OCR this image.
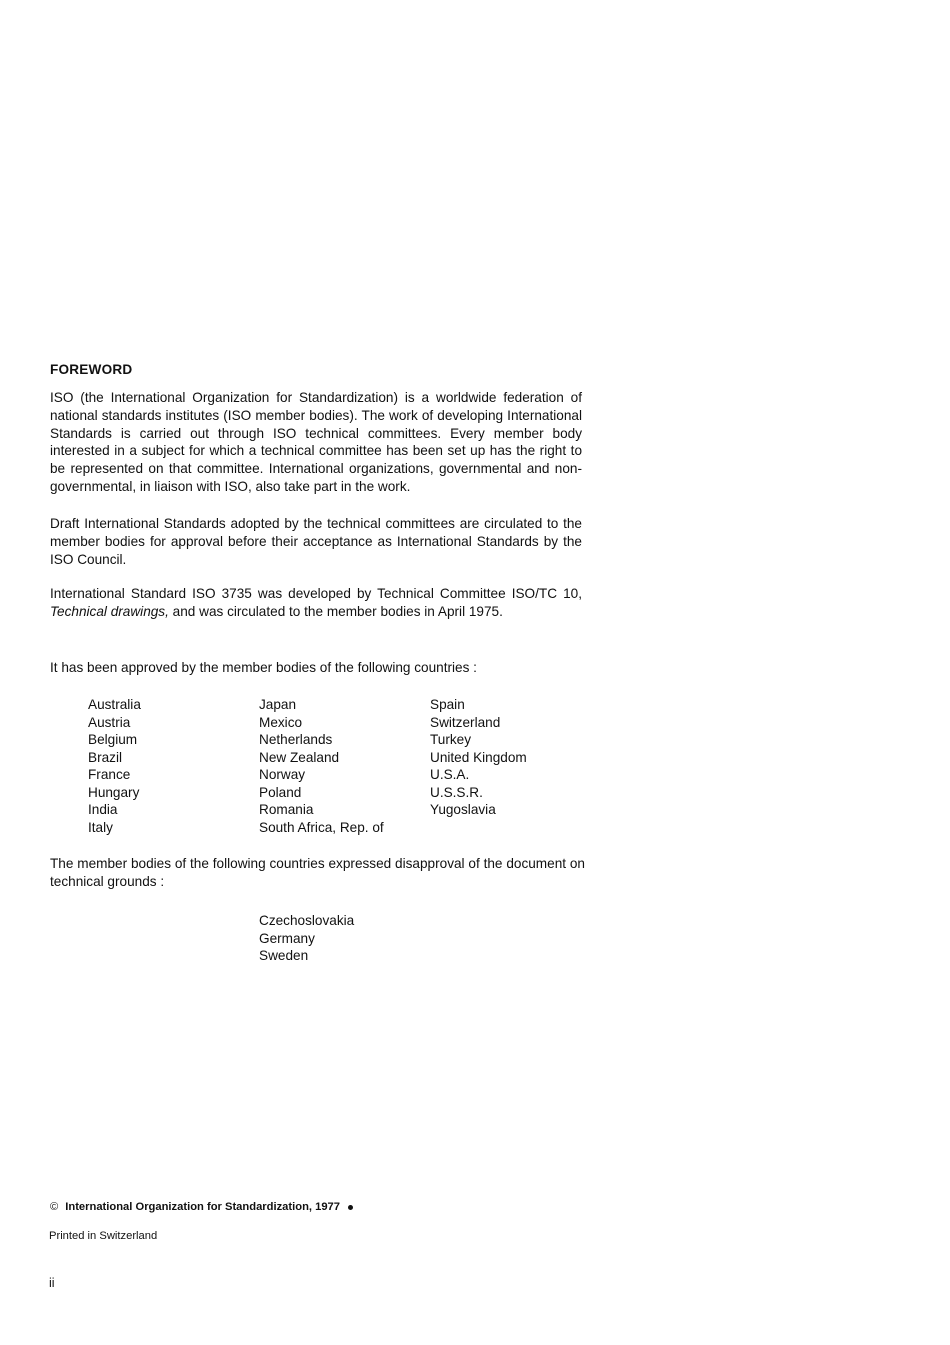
FOREWORD

ISO (the International Organization for Standardization) is a worldwide federation of national standards institutes (ISO member bodies). The work of developing International Standards is carried out through ISO technical committees. Every member body interested in a subject for which a technical committee has been set up has the right to be represented on that committee. International organizations, governmental and non-governmental, in liaison with ISO, also take part in the work.

Draft International Standards adopted by the technical committees are circulated to the member bodies for approval before their acceptance as International Standards by the ISO Council.

International Standard ISO 3735 was developed by Technical Committee ISO/TC 10, Technical drawings, and was circulated to the member bodies in April 1975.

It has been approved by the member bodies of the following countries :

Australia
Austria
Belgium
Brazil
France
Hungary
India
Italy
Japan
Mexico
Netherlands
New Zealand
Norway
Poland
Romania
South Africa, Rep. of
Spain
Switzerland
Turkey
United Kingdom
U.S.A.
U.S.S.R.
Yugoslavia

The member bodies of the following countries expressed disapproval of the document on technical grounds :

Czechoslovakia
Germany
Sweden
© International Organization for Standardization, 1977
Printed in Switzerland
ii
